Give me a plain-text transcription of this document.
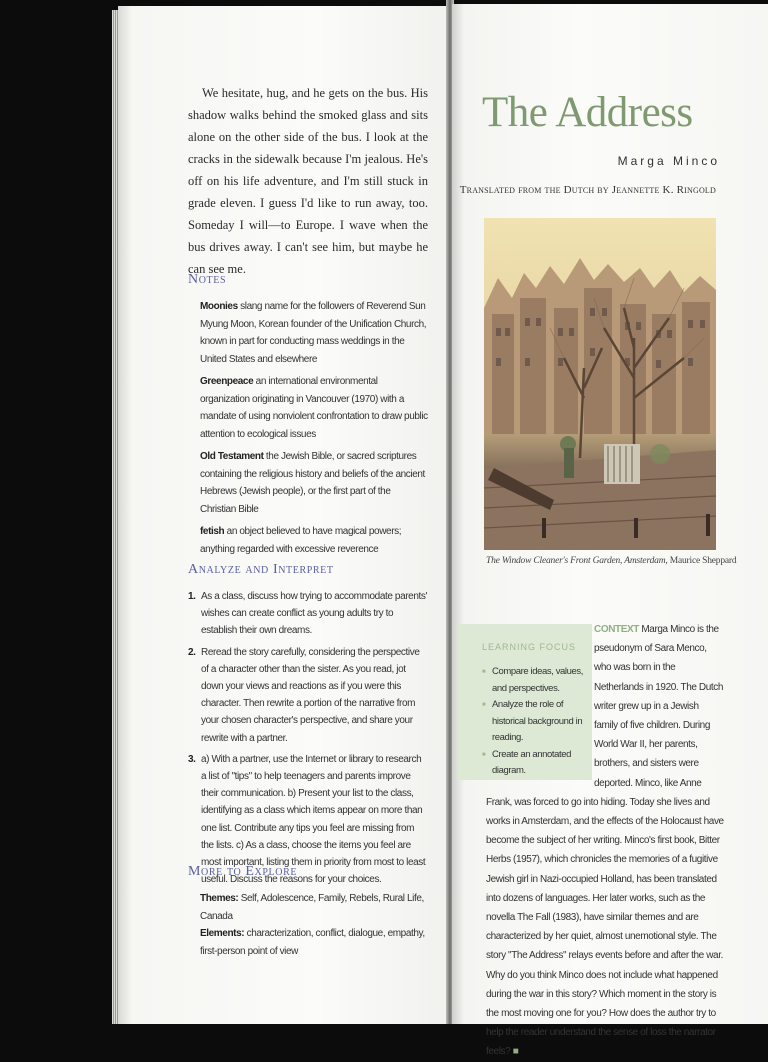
We hesitate, hug, and he gets on the bus. His shadow walks behind the smoked glass and sits alone on the other side of the bus. I look at the cracks in the sidewalk because I'm jealous. He's off on his life adventure, and I'm still stuck in grade eleven. I guess I'd like to run away, too. Someday I will—to Europe. I wave when the bus drives away. I can't see him, but maybe he can see me.
Notes
Moonies slang name for the followers of Reverend Sun Myung Moon, Korean founder of the Unification Church, known in part for conducting mass weddings in the United States and elsewhere
Greenpeace an international environmental organization originating in Vancouver (1970) with a mandate of using nonviolent confrontation to draw public attention to ecological issues
Old Testament the Jewish Bible, or sacred scriptures containing the religious history and beliefs of the ancient Hebrews (Jewish people), or the first part of the Christian Bible
fetish an object believed to have magical powers; anything regarded with excessive reverence
Analyze and Interpret
1. As a class, discuss how trying to accommodate parents' wishes can create conflict as young adults try to establish their own dreams.
2. Reread the story carefully, considering the perspective of a character other than the sister. As you read, jot down your views and reactions as if you were this character. Then rewrite a portion of the narrative from your chosen character's perspective, and share your rewrite with a partner.
3. a) With a partner, use the Internet or library to research a list of "tips" to help teenagers and parents improve their communication. b) Present your list to the class, identifying as a class which items appear on more than one list. Contribute any tips you feel are missing from the lists. c) As a class, choose the items you feel are most important, listing them in priority from most to least useful. Discuss the reasons for your choices.
More to Explore
Themes: Self, Adolescence, Family, Rebels, Rural Life, Canada
Elements: characterization, conflict, dialogue, empathy, first-person point of view
The Address
Marga Minco
Translated from the Dutch by Jeannette K. Ringold
The Window Cleaner's Front Garden, Amsterdam, Maurice Sheppard
LEARNING FOCUS
■ Compare ideas, values, and perspectives.
■ Analyze the role of historical background in reading.
■ Create an annotated diagram.
CONTEXT Marga Minco is the pseudonym of Sara Menco, who was born in the Netherlands in 1920. The Dutch writer grew up in a Jewish family of five children. During World War II, her parents, brothers, and sisters were deported. Minco, like Anne Frank, was forced to go into hiding. Today she lives and works in Amsterdam, and the effects of the Holocaust have become the subject of her writing. Minco's first book, Bitter Herbs (1957), which chronicles the memories of a fugitive Jewish girl in Nazi-occupied Holland, has been translated into dozens of languages. Her later works, such as the novella The Fall (1983), have similar themes and are characterized by her quiet, almost unemotional style. The story "The Address" relays events before and after the war. Why do you think Minco does not include what happened during the war in this story? Which moment in the story is the most moving one for you? How does the author try to help the reader understand the sense of loss the narrator feels? ■
